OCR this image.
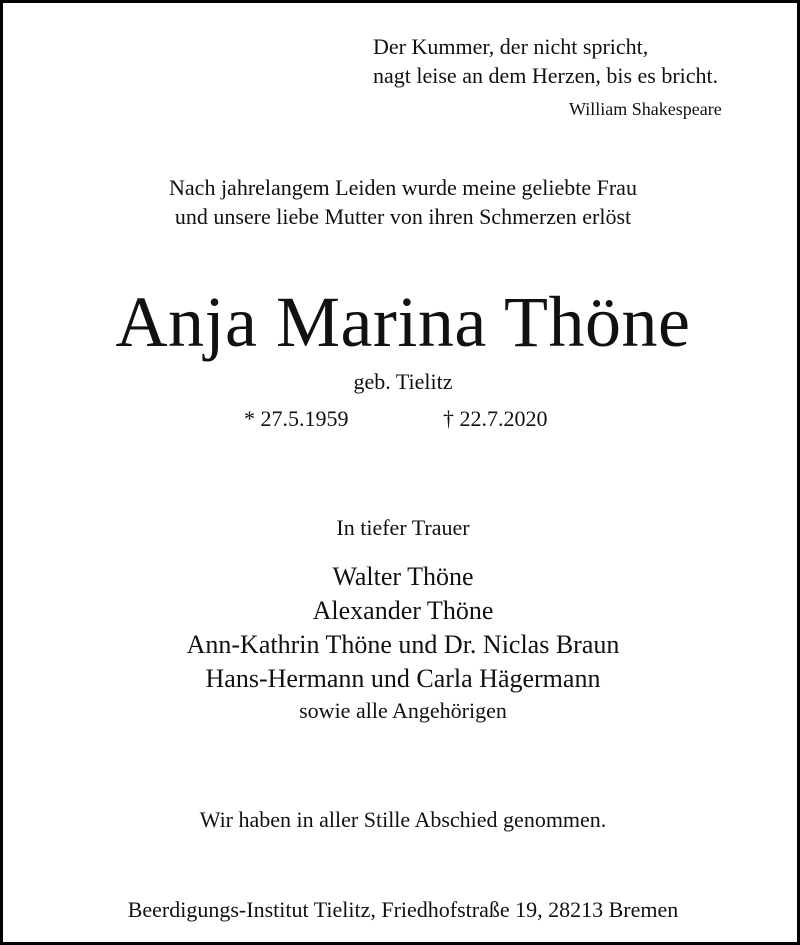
Der Kummer, der nicht spricht,
nagt leise an dem Herzen, bis es bricht.
William Shakespeare
Nach jahrelangem Leiden wurde meine geliebte Frau
und unsere liebe Mutter von ihren Schmerzen erlöst
Anja Marina Thöne
geb. Tielitz
* 27.5.1959	† 22.7.2020
In tiefer Trauer
Walter Thöne
Alexander Thöne
Ann-Kathrin Thöne und Dr. Niclas Braun
Hans-Hermann und Carla Hägermann
sowie alle Angehörigen
Wir haben in aller Stille Abschied genommen.
Beerdigungs-Institut Tielitz, Friedhofstraße 19, 28213 Bremen
